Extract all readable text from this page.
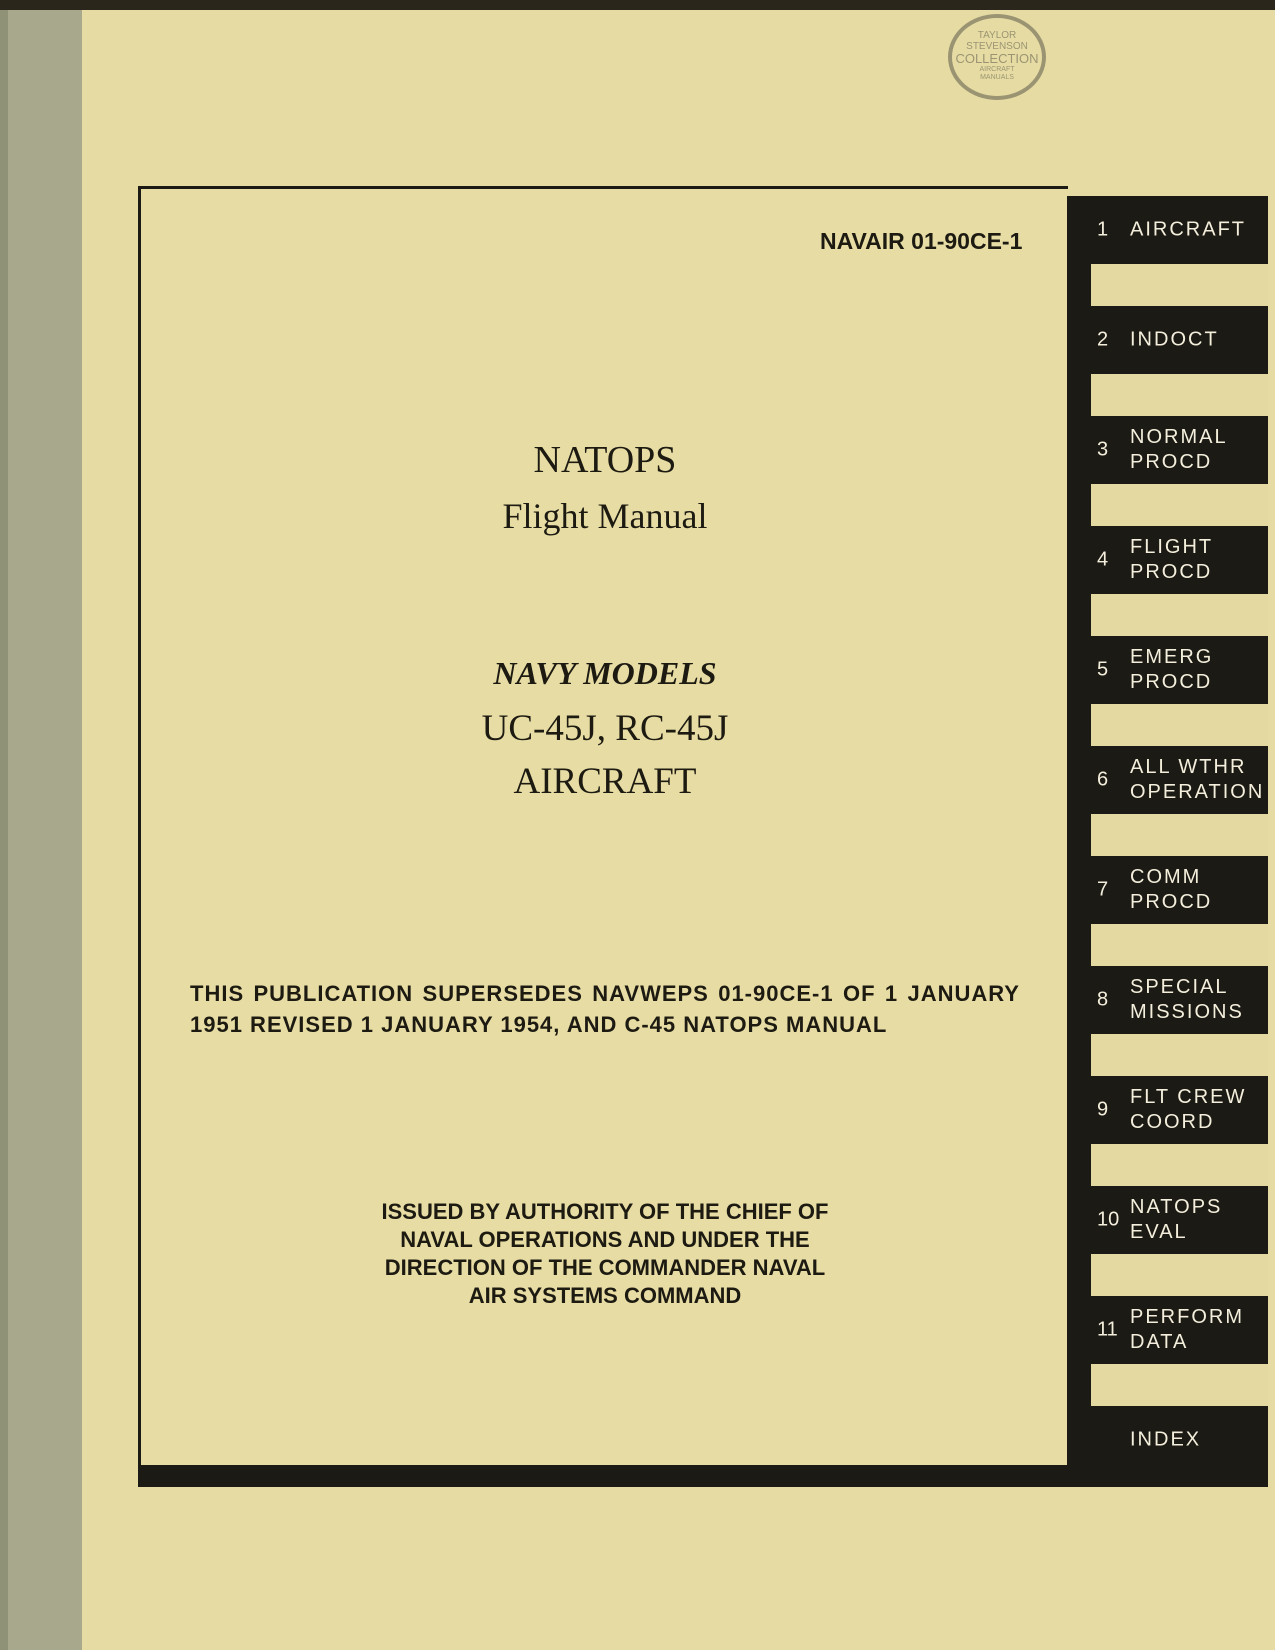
TAYLOR
STEVENSON
COLLECTION
AIRCRAFT
MANUALS
1 AIRCRAFT
2 INDOCT
3
NORMAL
PROCD
4
FLIGHT
PROCD
5
EMERG
PROCD
6
ALL WTHR
OPERATION
7
COMM
PROCD
8
SPECIAL
MISSIONS
9
FLT CREW
COORD
10
NATOPS
EVAL
11
PERFORM
DATA
INDEX
NAVAIR 01-90CE-1
NATOPS
Flight Manual
NAVY MODELS
UC-45J, RC-45J
AIRCRAFT
THIS PUBLICATION SUPERSEDES NAVWEPS 01-90CE-1 OF 1 JANUARY 1951 REVISED 1 JANUARY 1954, AND C-45 NATOPS MANUAL
ISSUED BY AUTHORITY OF THE CHIEF OF NAVAL OPERATIONS AND UNDER THE DIRECTION OF THE COMMANDER NAVAL AIR SYSTEMS COMMAND
